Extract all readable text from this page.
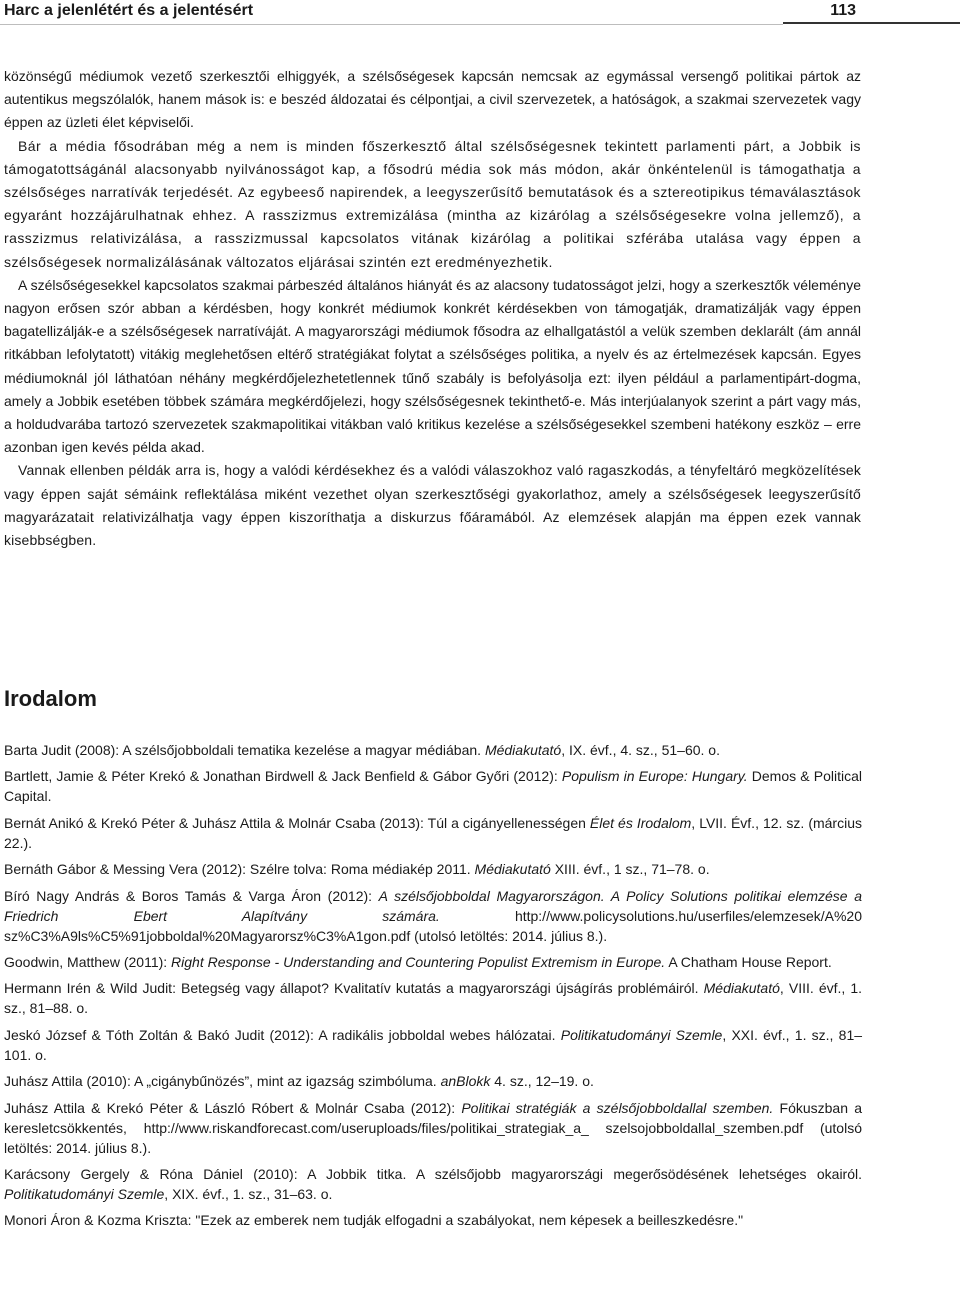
Harc a jelenlétért és a jelentésért	113

közönségű médiumok vezető szerkesztői elhiggyék, a szélsőségesek kapcsán nemcsak az egymással versengő politikai pártok az autentikus megszólalók, hanem mások is: e beszéd áldozatai és célpontjai, a civil szervezetek, a hatóságok, a szakmai szervezetek vagy éppen az üzleti élet képviselői.

Bár a média fősodrában még a nem is minden főszerkesztő által szélsőségesnek tekintett parlamenti párt, a Jobbik is támogatottságánál alacsonyabb nyilvánosságot kap, a fősodrú média sok más módon, akár önkéntelenül is támogathatja a szélsőséges narratívák terjedését. Az egybeeső napirendek, a leegyszerűsítő bemutatások és a sztereotipikus témaválasztások egyaránt hozzájárulhatnak ehhez. A rasszizmus extremizálása (mintha az kizárólag a szélsőségesekre volna jellemző), a rasszizmus relativizálása, a rasszizmussal kapcsolatos vitának kizárólag a politikai szférába utalása vagy éppen a szélsőségesek normalizálásának változatos eljárásai szintén ezt eredményezhetik.

A szélsőségesekkel kapcsolatos szakmai párbeszéd általános hiányát és az alacsony tudatosságot jelzi, hogy a szerkesztők véleménye nagyon erősen szór abban a kérdésben, hogy konkrét médiumok konkrét kérdésekben von támogatják, dramatizálják vagy éppen bagatellizálják-e a szélsőségesek narratíváját. A magyarországi médiumok fősodra az elhallgatástól a velük szemben deklarált (ám annál ritkábban lefolytatott) vitákig meglehetősen eltérő stratégiákat folytat a szélsőséges politika, a nyelv és az értelmezések kapcsán. Egyes médiumoknál jól láthatóan néhány megkérdőjelezhetetlennek tűnő szabály is befolyásolja ezt: ilyen például a parlamentipárt-dogma, amely a Jobbik esetében többek számára megkérdőjelezi, hogy szélsőségesnek tekinthető-e. Más interjúalanyok szerint a párt vagy más, a holdudvarába tartozó szervezetek szakmapolitikai vitákban való kritikus kezelése a szélsőségesekkel szembeni hatékony eszköz – erre azonban igen kevés példa akad.

Vannak ellenben példák arra is, hogy a valódi kérdésekhez és a valódi válaszokhoz való ragaszkodás, a tényfeltáró megközelítések vagy éppen saját sémáink reflektálása miként vezethet olyan szerkesztőségi gyakorlathoz, amely a szélsőségesek leegyszerűsítő magyarázatait relativizálhatja vagy éppen kiszoríthatja a diskurzus főáramából. Az elemzések alapján ma éppen ezek vannak kisebbségben.

Irodalom

Barta Judit (2008): A szélsőjobboldali tematika kezelése a magyar médiában. Médiakutató, IX. évf., 4. sz., 51–60. o.

Bartlett, Jamie & Péter Krekó & Jonathan Birdwell & Jack Benfield & Gábor Győri (2012): Populism in Europe: Hungary. Demos & Political Capital.

Bernát Anikó & Krekó Péter & Juhász Attila & Molnár Csaba (2013): Túl a cigányellenességen Élet és Irodalom, LVII. Évf., 12. sz. (március 22.).

Bernáth Gábor & Messing Vera (2012): Szélre tolva: Roma médiakép 2011. Médiakutató XIII. évf., 1 sz., 71–78. o.

Bíró Nagy András & Boros Tamás & Varga Áron (2012): A szélsőjobboldal Magyarországon. A Policy Solutions politikai elemzése a Friedrich Ebert Alapítvány számára. http://www.policysolutions.hu/userfiles/elemzesek/A%20 sz%C3%A9ls%C5%91jobboldal%20Magyarorsz%C3%A1gon.pdf (utolsó letöltés: 2014. július 8.).

Goodwin, Matthew (2011): Right Response - Understanding and Countering Populist Extremism in Europe. A Chatham House Report.

Hermann Irén & Wild Judit: Betegség vagy állapot? Kvalitatív kutatás a magyarországi újságírás problémáiról. Médiakutató, VIII. évf., 1. sz., 81–88. o.

Jeskó József & Tóth Zoltán & Bakó Judit (2012): A radikális jobboldal webes hálózatai. Politikatudományi Szemle, XXI. évf., 1. sz., 81–101. o.

Juhász Attila (2010): A „cigánybűnözés”, mint az igazság szimbóluma. anBlokk 4. sz., 12–19. o.

Juhász Attila & Krekó Péter & László Róbert & Molnár Csaba (2012): Politikai stratégiák a szélsőjobboldallal szemben. Fókuszban a keresletcsökkentés, http://www.riskandforecast.com/useruploads/files/politikai_strategiak_a_ szelsojobboldallal_szemben.pdf (utolsó letöltés: 2014. július 8.).

Karácsony Gergely & Róna Dániel (2010): A Jobbik titka. A szélsőjobb magyarországi megerősödésének lehetséges okairól. Politikatudományi Szemle, XIX. évf., 1. sz., 31–63. o.

Monori Áron & Kozma Kriszta: "Ezek az emberek nem tudják elfogadni a szabályokat, nem képesek a beilleszkedésre."
